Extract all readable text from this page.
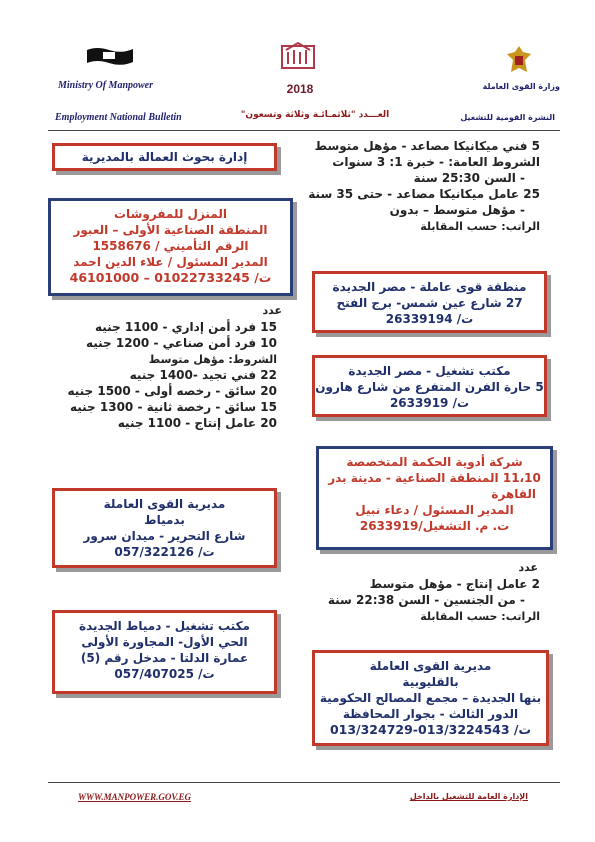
2018
Ministry Of Manpower	وزارة القوى العاملة
Employment National Bulletin	العـــدد "ثلاثمـائـة وثلاثة وتسعون"	النشرة القومية للتشغيل
إدارة بحوث العمالة بالمديرية
المنزل للمفروشات
المنطقة الصناعية الأولى – العبور
الرقم التأميني / 1558676
المدير المسئول / علاء الدين احمد
ت/ 01022733245 – 46101000
عدد
15 فرد أمن إداري - 1100 جنيه
10 فرد أمن صناعي - 1200 جنيه
الشروط: مؤهل متوسط
22 فني تجيد -1400 جنيه
20 سائق - رخصه أولى - 1500 جنيه
15 سائق - رخصة ثانية - 1300 جنيه
20 عامل إنتاج - 1100 جنيه
مديرية القوى العاملة
بدمياط
شارع التحرير - ميدان سرور
ت/ 057/322126
مكتب تشغيل - دمياط الجديدة
الحي الأول- المجاورة الأولى
عمارة الدلتا - مدخل رقم (5)
ت/ 057/407025
5 فني ميكانيكا مصاعد - مؤهل متوسط
الشروط العامة: - خبرة 1: 3 سنوات
- السن 25:30 سنة
25 عامل ميكانيكا مصاعد - حتى 35 سنة
- مؤهل متوسط – بدون
الراتب: حسب المقابلة
منطقة قوى عاملة - مصر الجديدة
27 شارع عين شمس- برج الفتح
ت/ 26339194
مكتب تشغيل - مصر الجديدة
5 حارة الفرن المتفرع من شارع هارون
ت/ 2633919
شركة أدوية الحكمة المتخصصة
11،10 المنطقة الصناعية - مدينة بدر
القاهرة
المدير المسئول / دعاء نبيل
ت. م. التشغيل/2633919
عدد
2 عامل إنتاج - مؤهل متوسط
- من الجنسين - السن 22:38 سنة
الراتب: حسب المقابلة
مديرية القوى العاملة
بالقليوبية
بنها الجديدة – مجمع المصالح الحكومية
الدور الثالث - بجوار المحافظة
ت/ 013/3224543-013/324729
WWW.MANPOWER.GOV.EG	الإدارة العامة للتشغيل بالداخل
